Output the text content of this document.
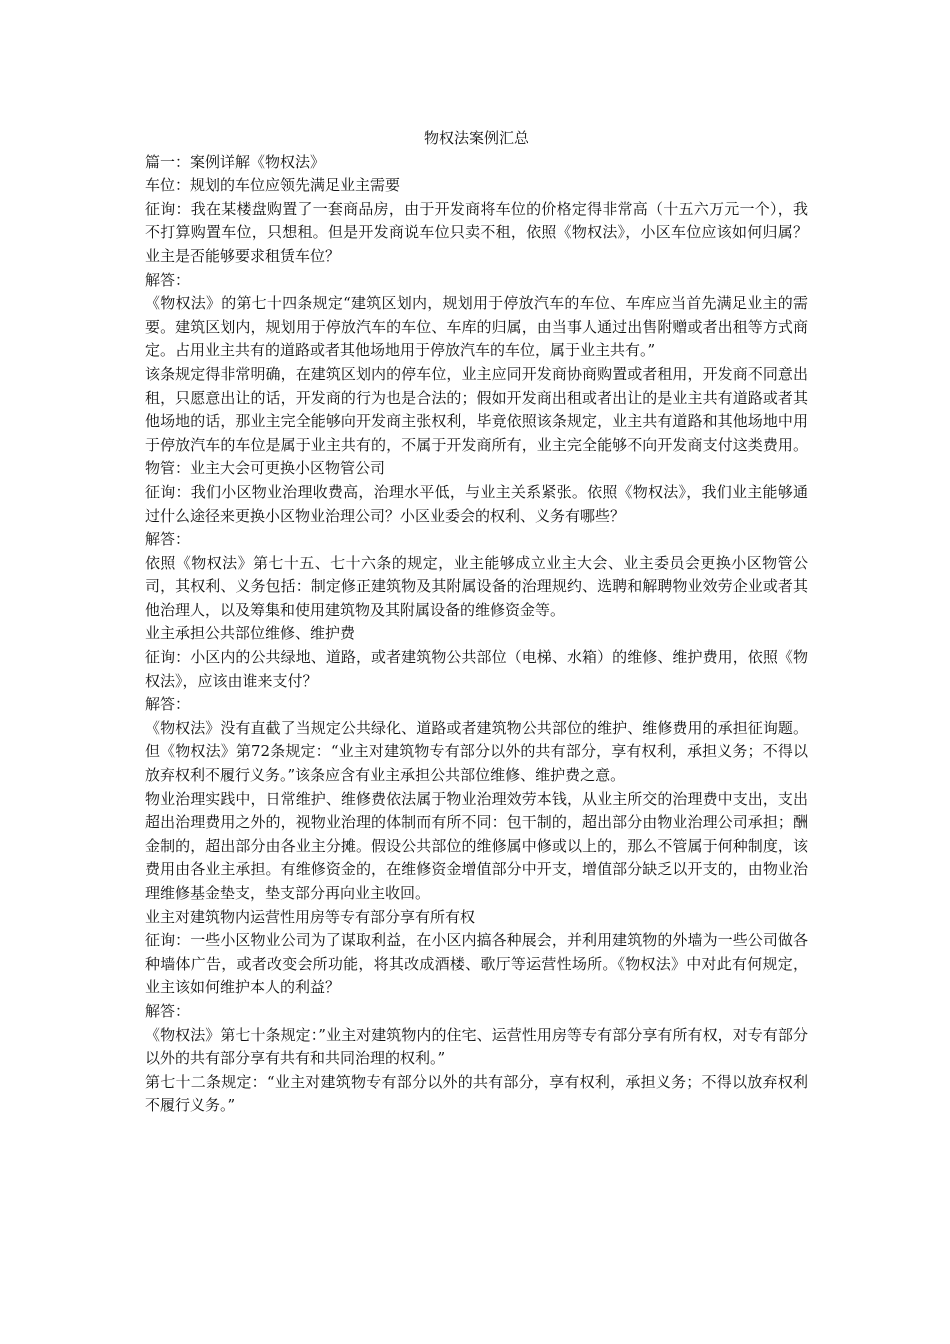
物权法案例汇总

篇一：案例详解《物权法》

车位：规划的车位应领先满足业主需要

征询：我在某楼盘购置了一套商品房，由于开发商将车位的价格定得非常高（十五六万元一个），我不打算购置车位，只想租。但是开发商说车位只卖不租，依照《物权法》，小区车位应该如何归属？业主是否能够要求租赁车位？

解答：

《物权法》的第七十四条规定“建筑区划内，规划用于停放汽车的车位、车库应当首先满足业主的需要。建筑区划内，规划用于停放汽车的车位、车库的归属，由当事人通过出售附赠或者出租等方式商定。占用业主共有的道路或者其他场地用于停放汽车的车位，属于业主共有。”

该条规定得非常明确，在建筑区划内的停车位，业主应同开发商协商购置或者租用，开发商不同意出租，只愿意出让的话，开发商的行为也是合法的；假如开发商出租或者出让的是业主共有道路或者其他场地的话，那业主完全能够向开发商主张权利，毕竟依照该条规定，业主共有道路和其他场地中用于停放汽车的车位是属于业主共有的，不属于开发商所有，业主完全能够不向开发商支付这类费用。 物管：业主大会可更换小区物管公司

征询：我们小区物业治理收费高，治理水平低，与业主关系紧张。依照《物权法》，我们业主能够通过什么途径来更换小区物业治理公司？小区业委会的权利、义务有哪些？

解答：

依照《物权法》第七十五、七十六条的规定，业主能够成立业主大会、业主委员会更换小区物管公司，其权利、义务包括：制定修正建筑物及其附属设备的治理规约、选聘和解聘物业效劳企业或者其他治理人，以及筹集和使用建筑物及其附属设备的维修资金等。

业主承担公共部位维修、维护费

征询：小区内的公共绿地、道路，或者建筑物公共部位（电梯、水箱）的维修、维护费用，依照《物权法》，应该由谁来支付？

解答：

《物权法》没有直截了当规定公共绿化、道路或者建筑物公共部位的维护、维修费用的承担征询题。但《物权法》第72条规定：“业主对建筑物专有部分以外的共有部分，享有权利，承担义务；不得以放弃权利不履行义务。”该条应含有业主承担公共部位维修、维护费之意。

物业治理实践中，日常维护、维修费依法属于物业治理效劳本钱，从业主所交的治理费中支出，支出超出治理费用之外的，视物业治理的体制而有所不同：包干制的，超出部分由物业治理公司承担；酬金制的，超出部分由各业主分摊。假设公共部位的维修属中修或以上的，那么不管属于何种制度，该费用由各业主承担。有维修资金的，在维修资金增值部分中开支，增值部分缺乏以开支的，由物业治理维修基金垫支，垫支部分再向业主收回。

业主对建筑物内运营性用房等专有部分享有所有权

征询：一些小区物业公司为了谋取利益，在小区内搞各种展会，并利用建筑物的外墙为一些公司做各种墙体广告，或者改变会所功能，将其改成酒楼、歌厅等运营性场所。《物权法》中对此有何规定，业主该如何维护本人的利益？

解答：

《物权法》第七十条规定：”业主对建筑物内的住宅、运营性用房等专有部分享有所有权，对专有部分以外的共有部分享有共有和共同治理的权利。”

第七十二条规定：“业主对建筑物专有部分以外的共有部分，享有权利，承担义务；不得以放弃权利不履行义务。”
